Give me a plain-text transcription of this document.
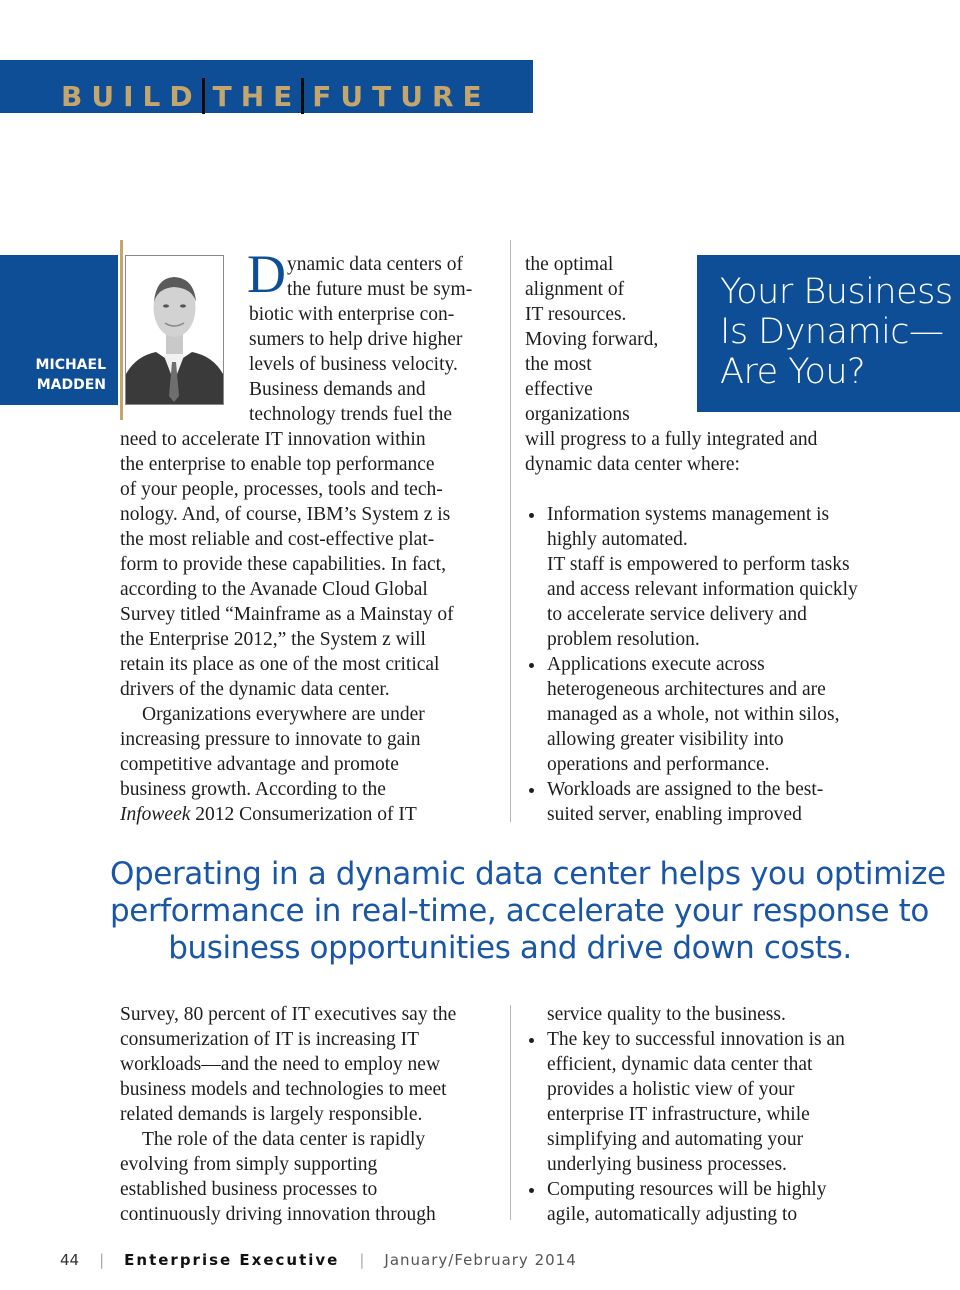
BUILD THE FUTURE
MICHAEL
MADDEN
D ynamic data centers of
the future must be sym-
biotic with enterprise con-
sumers to help drive higher
levels of business velocity.
Business demands and
technology trends fuel the
need to accelerate IT innovation within
the enterprise to enable top performance
of your people, processes, tools and tech-
nology. And, of course, IBM’s System z is
the most reliable and cost-effective plat-
form to provide these capabilities. In fact,
according to the Avanade Cloud Global
Survey titled “Mainframe as a Mainstay of
the Enterprise 2012,” the System z will
retain its place as one of the most critical
drivers of the dynamic data center.
Organizations everywhere are under
increasing pressure to innovate to gain
competitive advantage and promote
business growth. According to the
Infoweek 2012 Consumerization of IT
the optimal
alignment of
IT resources.
Moving forward,
the most
effective
organizations
will progress to a fully integrated and
dynamic data center where:
Information systems management is
highly automated.
IT staff is empowered to perform tasks
and access relevant information quickly
to accelerate service delivery and
problem resolution.
Applications execute across
heterogeneous architectures and are
managed as a whole, not within silos,
allowing greater visibility into
operations and performance.
Workloads are assigned to the best-
suited server, enabling improved
Your Business
Is Dynamic—
Are You?
Operating in a dynamic data center helps you optimize
performance in real-time, accelerate your response to
business opportunities and drive down costs.
Survey, 80 percent of IT executives say the
consumerization of IT is increasing IT
workloads—and the need to employ new
business models and technologies to meet
related demands is largely responsible.
The role of the data center is rapidly
evolving from simply supporting
established business processes to
continuously driving innovation through
service quality to the business.
The key to successful innovation is an
efficient, dynamic data center that
provides a holistic view of your
enterprise IT infrastructure, while
simplifying and automating your
underlying business processes.
Computing resources will be highly
agile, automatically adjusting to
44 | Enterprise Executive | January/February 2014
